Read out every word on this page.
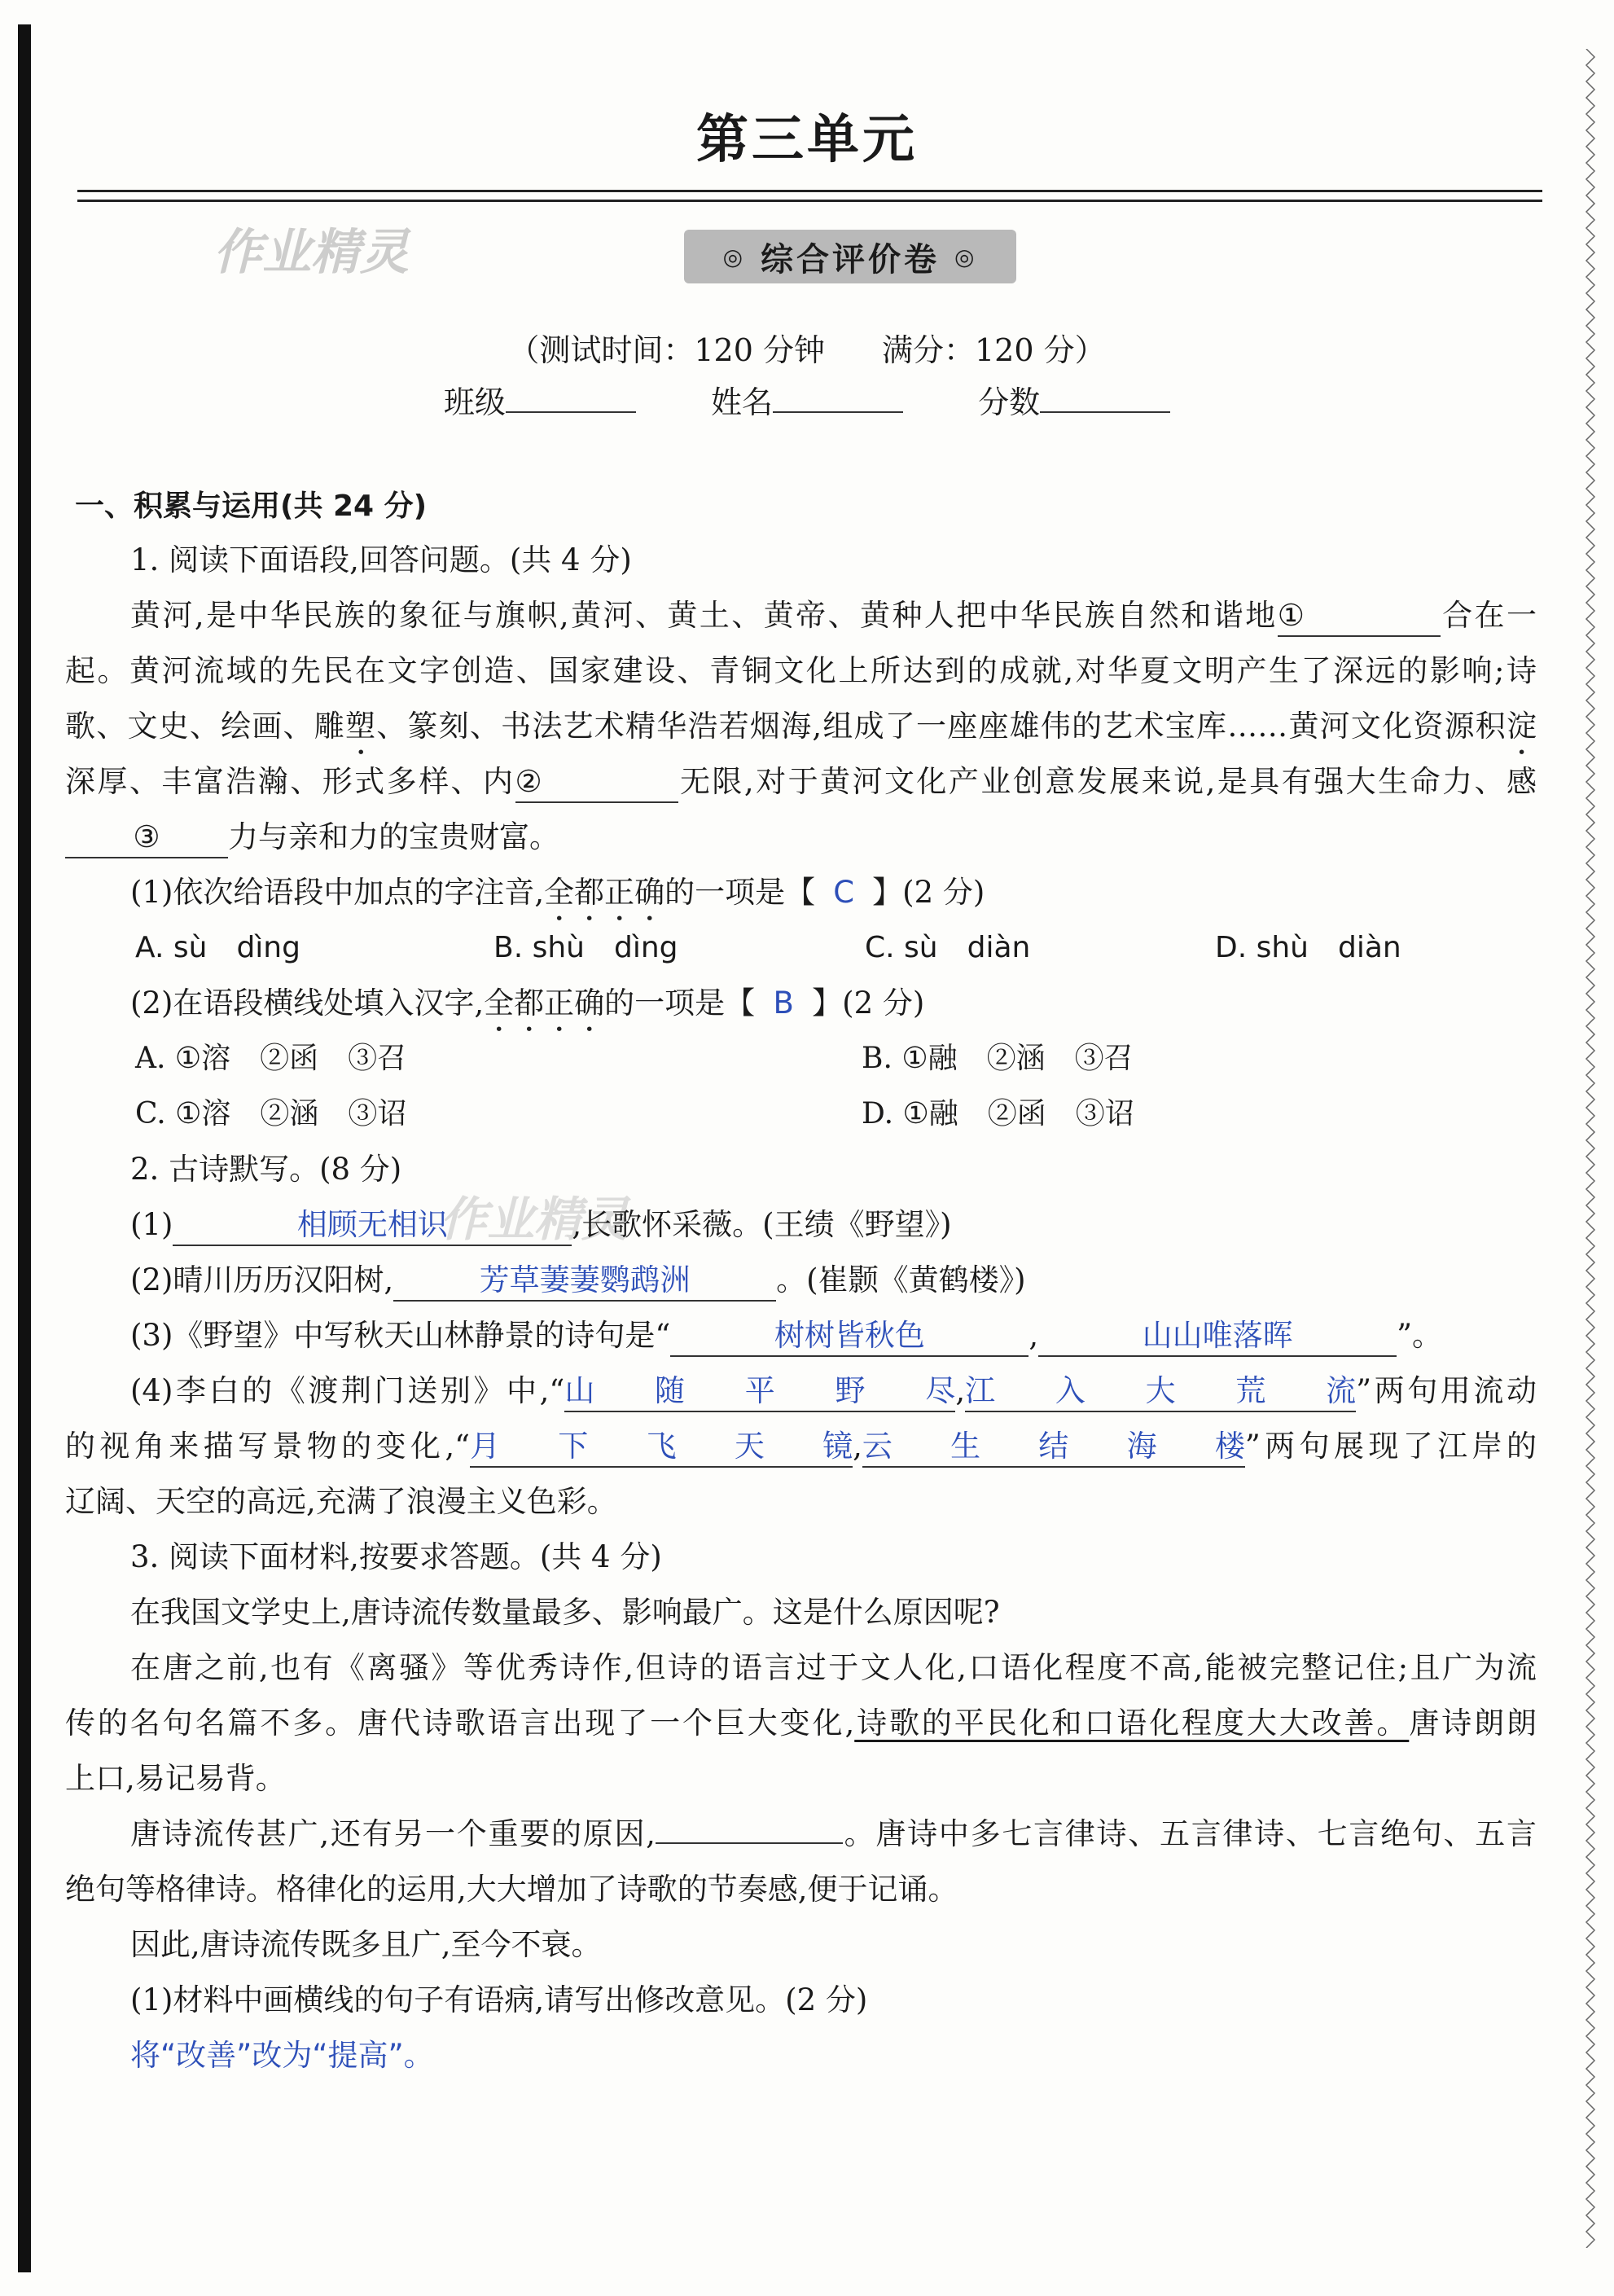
第三单元
作业精灵
作业精灵
◎ 综合评价卷 ◎
（测试时间：120 分钟 满分：120 分）
班级	姓名	分数
一、积累与运用(共 24 分)
1. 阅读下面语段,回答问题。(共 4 分)
黄河,是中华民族的象征与旗帜,黄河、黄土、黄帝、黄种人把中华民族自然和谐地①	合在一
起。黄河流域的先民在文字创造、国家建设、青铜文化上所达到的成就,对华夏文明产生了深远的影响;诗
歌、文史、绘画、雕塑、篆刻、书法艺术精华浩若烟海,组成了一座座雄伟的艺术宝库……黄河文化资源积淀
深厚、丰富浩瀚、形式多样、内②	无限,对于黄河文化产业创意发展来说,是具有强大生命力、感
③ 力与亲和力的宝贵财富。
(1)依次给语段中加点的字注音,全都正确的一项是【 C 】(2 分)
A. sù　dìng	B. shù　dìng	C. sù　diàn	D. shù　diàn
(2)在语段横线处填入汉字,全都正确的一项是【 B 】(2 分)
A. ①溶　②函　③召	B. ①融　②涵　③召
C. ①溶　②涵　③诏	D. ①融　②函　③诏
2. 古诗默写。(8 分)
(1)	相顾无相识	,长歌怀采薇。(王绩《野望》)
(2)晴川历历汉阳树,	芳草萋萋鹦鹉洲	。(崔颢《黄鹤楼》)
(3)《野望》中写秋天山林静景的诗句是“	树树皆秋色	,	山山唯落晖	”。
(4)李白的《渡荆门送别》中,“山随平野尽,江入大荒流”两句用流动
的视角来描写景物的变化,“月下飞天镜,云生结海楼”两句展现了江岸的
辽阔、天空的高远,充满了浪漫主义色彩。
3. 阅读下面材料,按要求答题。(共 4 分)
在我国文学史上,唐诗流传数量最多、影响最广。这是什么原因呢?
在唐之前,也有《离骚》等优秀诗作,但诗的语言过于文人化,口语化程度不高,能被完整记住;且广为流
传的名句名篇不多。唐代诗歌语言出现了一个巨大变化,诗歌的平民化和口语化程度大大改善。唐诗朗朗
上口,易记易背。
唐诗流传甚广,还有另一个重要的原因,	。唐诗中多七言律诗、五言律诗、七言绝句、五言
绝句等格律诗。格律化的运用,大大增加了诗歌的节奏感,便于记诵。
因此,唐诗流传既多且广,至今不衰。
(1)材料中画横线的句子有语病,请写出修改意见。(2 分)
将“改善”改为“提高”。
